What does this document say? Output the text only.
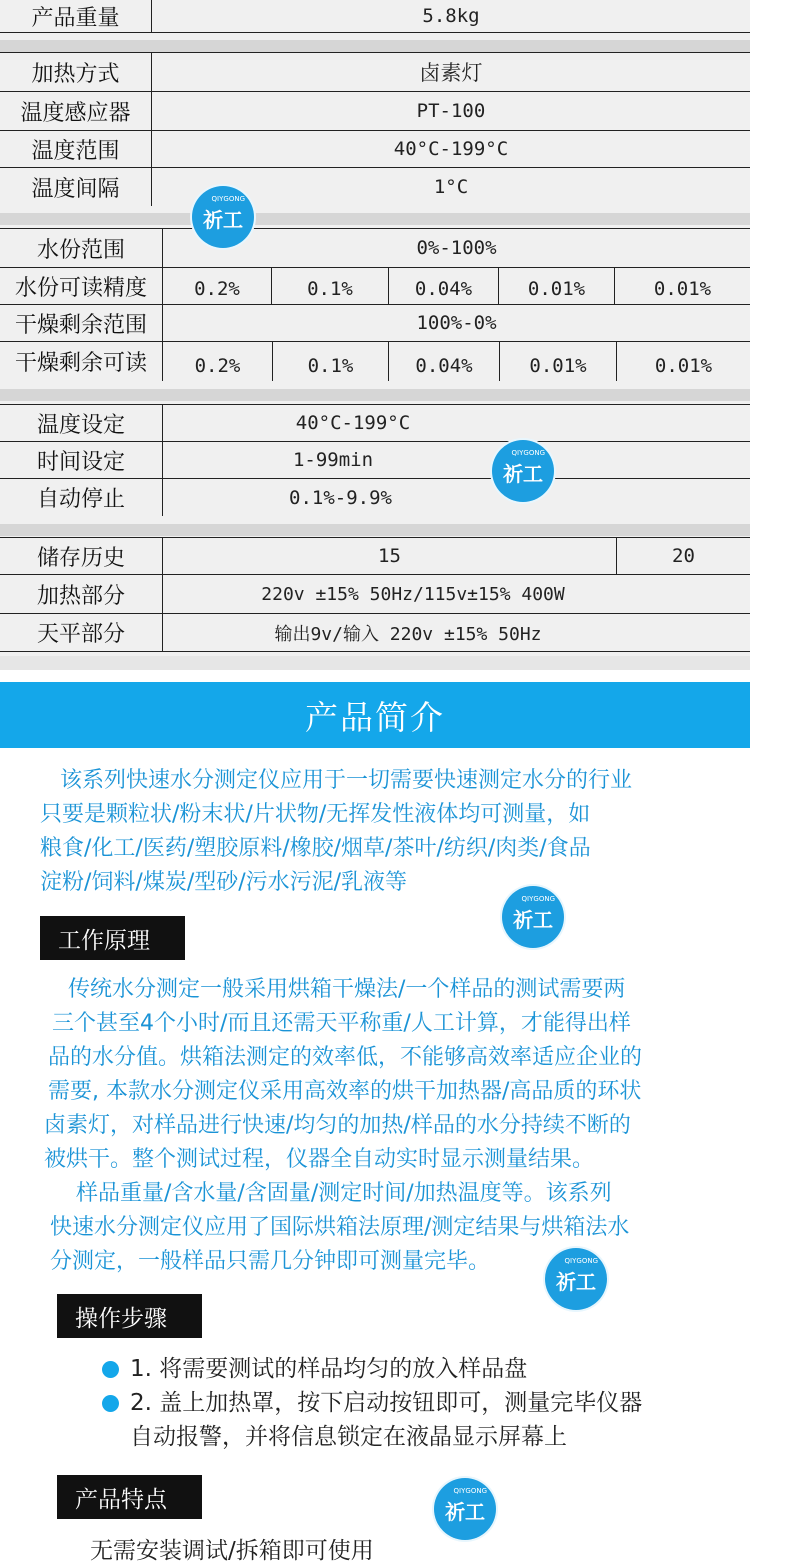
产品重量	5.8kg
加热方式	卤素灯
温度感应器	PT-100
温度范围	40°C-199°C
温度间隔	1°C
水份范围	0%-100%
水份可读精度	0.2%	0.1%	0.04%	0.01%	0.01%
干燥剩余范围	100%-0%
干燥剩余可读	0.2%	0.1%	0.04%	0.01%	0.01%
温度设定	40°C-199°C
时间设定	1-99min
自动停止	0.1%-9.9%
储存历史	15	20
加热部分	220v ±15% 50Hz/115v±15% 400W
天平部分	输出9v/输入 220v ±15% 50Hz
QIYGONG
祈工
QIYGONG
祈工
QIYGONG
祈工
QIYGONG
祈工
QIYGONG
祈工
产品简介
该系列快速水分测定仪应用于一切需要快速测定水分的行业
只要是颗粒状/粉末状/片状物/无挥发性液体均可测量，如
粮食/化工/医药/塑胶原料/橡胶/烟草/茶叶/纺织/肉类/食品
淀粉/饲料/煤炭/型砂/污水污泥/乳液等
工作原理
传统水分测定一般采用烘箱干燥法/一个样品的测试需要两
三个甚至4个小时/而且还需天平称重/人工计算，才能得出样
品的水分值。烘箱法测定的效率低，不能够高效率适应企业的
需要, 本款水分测定仪采用高效率的烘干加热器/高品质的环状
卤素灯，对样品进行快速/均匀的加热/样品的水分持续不断的
被烘干。整个测试过程，仪器全自动实时显示测量结果。
样品重量/含水量/含固量/测定时间/加热温度等。该系列
快速水分测定仪应用了国际烘箱法原理/测定结果与烘箱法水
分测定，一般样品只需几分钟即可测量完毕。
操作步骤
1. 将需要测试的样品均匀的放入样品盘
2. 盖上加热罩，按下启动按钮即可，测量完毕仪器
自动报警，并将信息锁定在液晶显示屏幕上
产品特点
无需安装调试/拆箱即可使用
